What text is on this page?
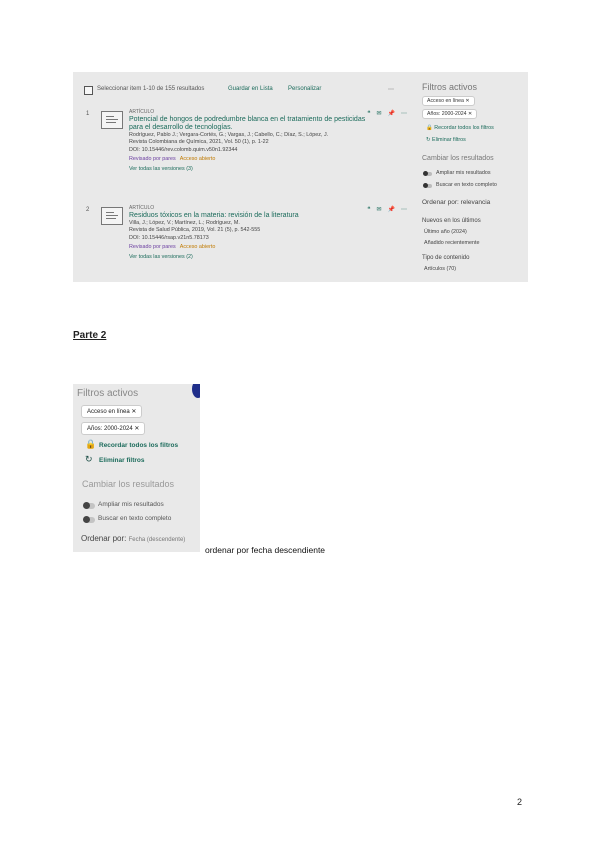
Seleccionar item 1-10 de 155 resultados	Guardar en Lista	Personalizar	⋯
1	ARTÍCULO
Potencial de hongos de podredumbre blanca en el tratamiento de pesticidas para el desarrollo de tecnologías.
Rodríguez, Pablo J.; Vergara-Cortés, G.; Vargas, J.; Cabello, C.; Díaz, S.; López, J.
Revista Colombiana de Química, 2021, Vol. 50 (1), p. 1-22
DOI: 10.15446/rev.colomb.quim.v50n1.92344
Revisado por pares Acceso abierto
Ver todas las versiones (3)
❝✉📌⋯
2	ARTÍCULO
Residuos tóxicos en la materia: revisión de la literatura
Villa, J.; López, V.; Martínez, L.; Rodríguez, M.
Revista de Salud Pública, 2019, Vol. 21 (5), p. 542-555
DOI: 10.15446/rsap.v21n5.78173
Revisado por pares Acceso abierto
Ver todas las versiones (2)
❝✉📌⋯
Filtros activos
Acceso en línea ✕
Años: 2000-2024 ✕
🔒 Recordar todos los filtros
↻ Eliminar filtros
Cambiar los resultados
Ampliar mis resultados
Buscar en texto completo
Ordenar por: relevancia
Nuevos en los últimos
Último año (2024)
Añadido recientemente
Tipo de contenido
Artículos (70)
Parte 2
Filtros activos
Acceso en línea ✕
Años: 2000-2024 ✕
🔒 Recordar todos los filtros
↻ Eliminar filtros
Cambiar los resultados
Ampliar mis resultados
Buscar en texto completo
Ordenar por: Fecha (descendente)
ordenar por fecha descendiente
2
